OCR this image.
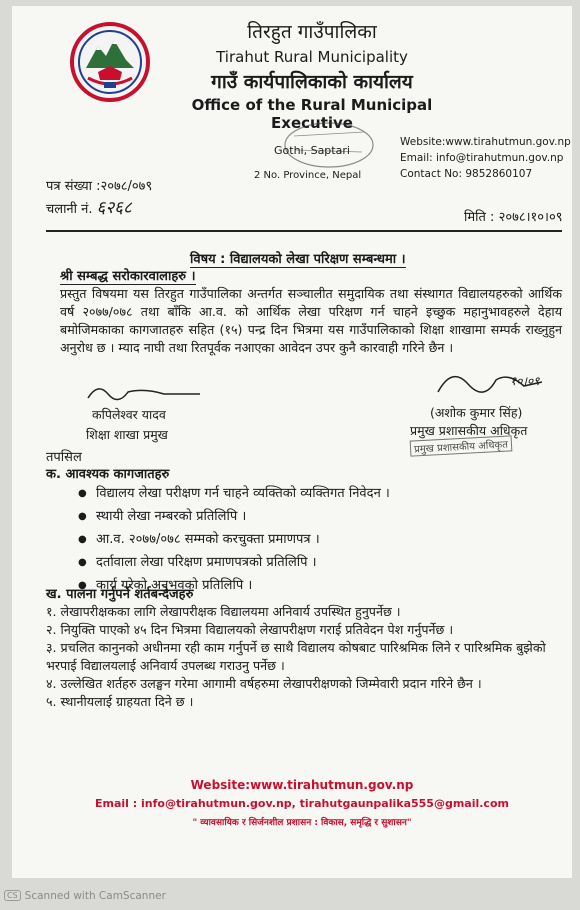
तिरहुत गाउँपालिका
Tirahut Rural Municipality
गाउँ कार्यपालिकाको कार्यालय
Office of the Rural Municipal Executive
Gothi, Saptari
2 No. Province, Nepal
Website:www.tirahutmun.gov.np
Email: info@tirahutmun.gov.np
Contact No: 9852860107
पत्र संख्या :२०७८/०७९
चलानी नं. ६२६८	मिति : २०७८।१०।०९
विषय : विद्यालयको लेखा परिक्षण सम्बन्धमा ।
श्री सम्बद्ध सरोकारवालाहरु ।
प्रस्तुत विषयमा यस तिरहुत गाउँपालिका अन्तर्गत सञ्चालीत समुदायिक तथा संस्थागत विद्यालयहरुको आर्थिक वर्ष २०७७/०७८ तथा बाँकि आ.व. को आर्थिक लेखा परिक्षण गर्न चाहने इच्छुक महानुभावहरुले देहाय बमोजिमकाका कागजातहरु सहित (१५) पन्द्र दिन भित्रमा यस गाउँपालिकाको शिक्षा शाखामा सम्पर्क राख्नुहुन अनुरोध छ । म्याद नाघी तथा रितपूर्वक नआएका आवेदन उपर कुनै कारवाही गरिने छैन ।
कपिलेश्वर यादव
शिक्षा शाखा प्रमुख
१०।०९
(अशोक कुमार सिंह)
प्रमुख प्रशासकीय अधिकृत
प्रमुख प्रशासकीय अधिकृत
तपसिल
क. आवश्यक कागजातहरु
● विद्यालय लेखा परीक्षण गर्न चाहने व्यक्तिको व्यक्तिगत निवेदन ।
● स्थायी लेखा नम्बरको प्रतिलिपि ।
● आ.व. २०७७/०७८ सम्मको करचुक्ता प्रमाणपत्र ।
● दर्तावाला लेखा परिक्षण प्रमाणपत्रको प्रतिलिपि ।
● कार्य गरेको अनुभवको प्रतिलिपि ।
ख. पालना गर्नुपर्ने शर्तबन्देजहरु
१. लेखापरीक्षकका लागि लेखापरीक्षक विद्यालयमा अनिवार्य उपस्थित हुनुपर्नेछ ।
२. नियुक्ति पाएको ४५ दिन भित्रमा विद्यालयको लेखापरीक्षण गराई प्रतिवेदन पेश गर्नुपर्नेछ ।
३. प्रचलित कानुनको अधीनमा रही काम गर्नुपर्ने छ साथै विद्यालय कोषबाट पारिश्रमिक लिने र पारिश्रमिक बुझेको भरपाई विद्यालयलाई अनिवार्य उपलब्ध गराउनु पर्नेछ ।
४. उल्लेखित शर्तहरु उलङ्घन गरेमा आगामी वर्षहरुमा लेखापरीक्षणको जिम्मेवारी प्रदान गरिने छैन ।
५. स्थानीयलाई ग्राहयता दिने छ ।
Website:www.tirahutmun.gov.np
Email : info@tirahutmun.gov.np, tirahutgaunpalika555@gmail.com
" व्यावसायिक र सिर्जनशील प्रशासन : विकास, समृद्धि र सुशासन"
CS Scanned with CamScanner
